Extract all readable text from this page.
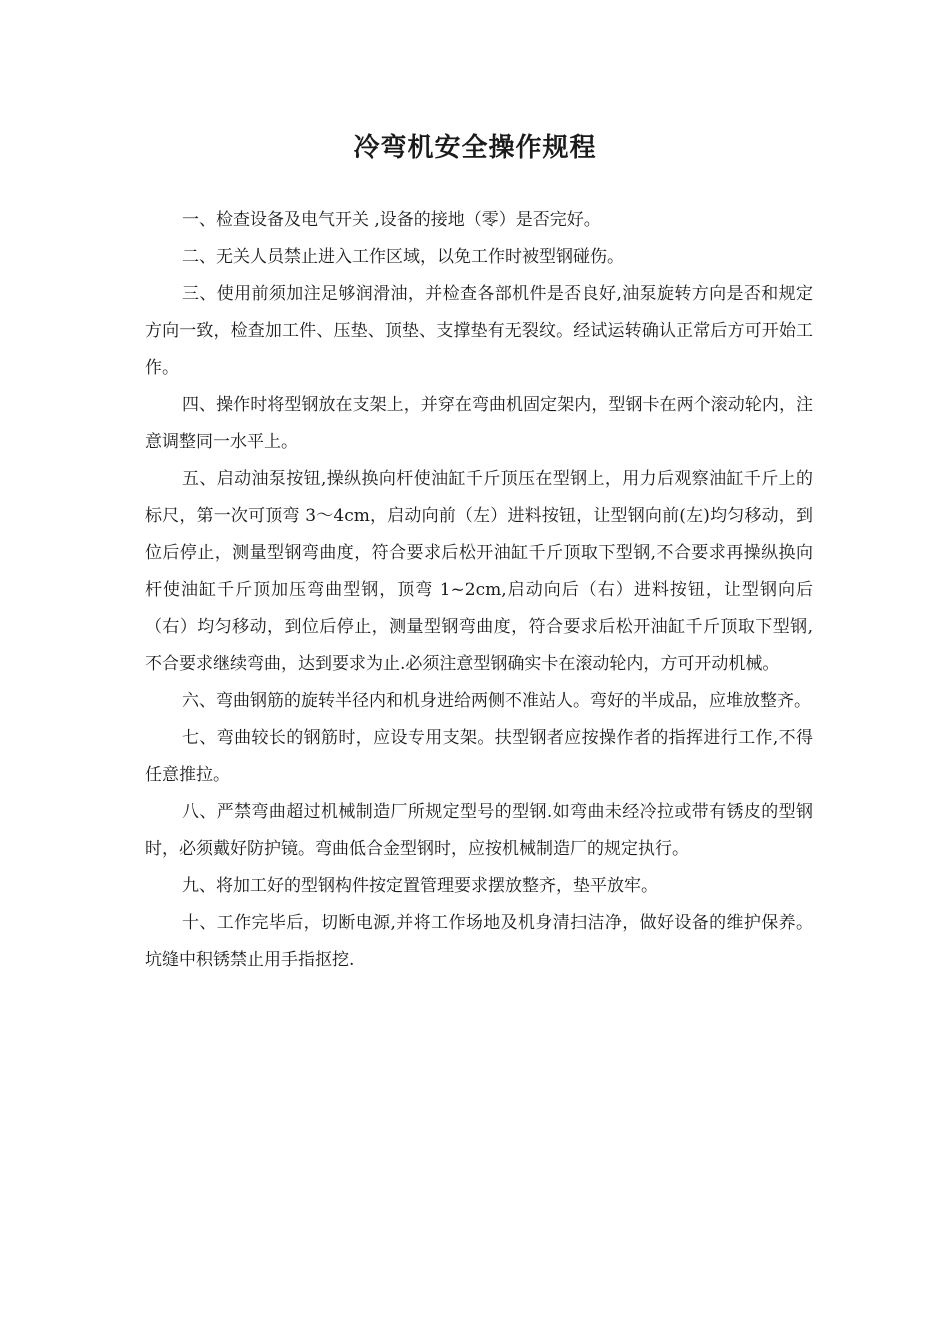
冷弯机安全操作规程

一、检查设备及电气开关 ,设备的接地（零）是否完好。

二、无关人员禁止进入工作区域，以免工作时被型钢碰伤。

三、使用前须加注足够润滑油，并检查各部机件是否良好,油泵旋转方向是否和规定方向一致，检查加工件、压垫、顶垫、支撑垫有无裂纹。经试运转确认正常后方可开始工作。

四、操作时将型钢放在支架上，并穿在弯曲机固定架内，型钢卡在两个滚动轮内，注意调整同一水平上。

五、启动油泵按钮,操纵换向杆使油缸千斤顶压在型钢上，用力后观察油缸千斤上的标尺，第一次可顶弯 3～4cm，启动向前（左）进料按钮，让型钢向前(左)均匀移动，到位后停止，测量型钢弯曲度，符合要求后松开油缸千斤顶取下型钢,不合要求再操纵换向杆使油缸千斤顶加压弯曲型钢，顶弯 1~2cm,启动向后（右）进料按钮，让型钢向后（右）均匀移动，到位后停止，测量型钢弯曲度，符合要求后松开油缸千斤顶取下型钢,不合要求继续弯曲，达到要求为止.必须注意型钢确实卡在滚动轮内，方可开动机械。

六、弯曲钢筋的旋转半径内和机身进给两侧不准站人。弯好的半成品，应堆放整齐。

七、弯曲较长的钢筋时，应设专用支架。扶型钢者应按操作者的指挥进行工作,不得任意推拉。

八、严禁弯曲超过机械制造厂所规定型号的型钢.如弯曲未经冷拉或带有锈皮的型钢时，必须戴好防护镜。弯曲低合金型钢时，应按机械制造厂的规定执行。

九、将加工好的型钢构件按定置管理要求摆放整齐，垫平放牢。

十、工作完毕后，切断电源,并将工作场地及机身清扫洁净，做好设备的维护保养。坑缝中积锈禁止用手指抠挖.
